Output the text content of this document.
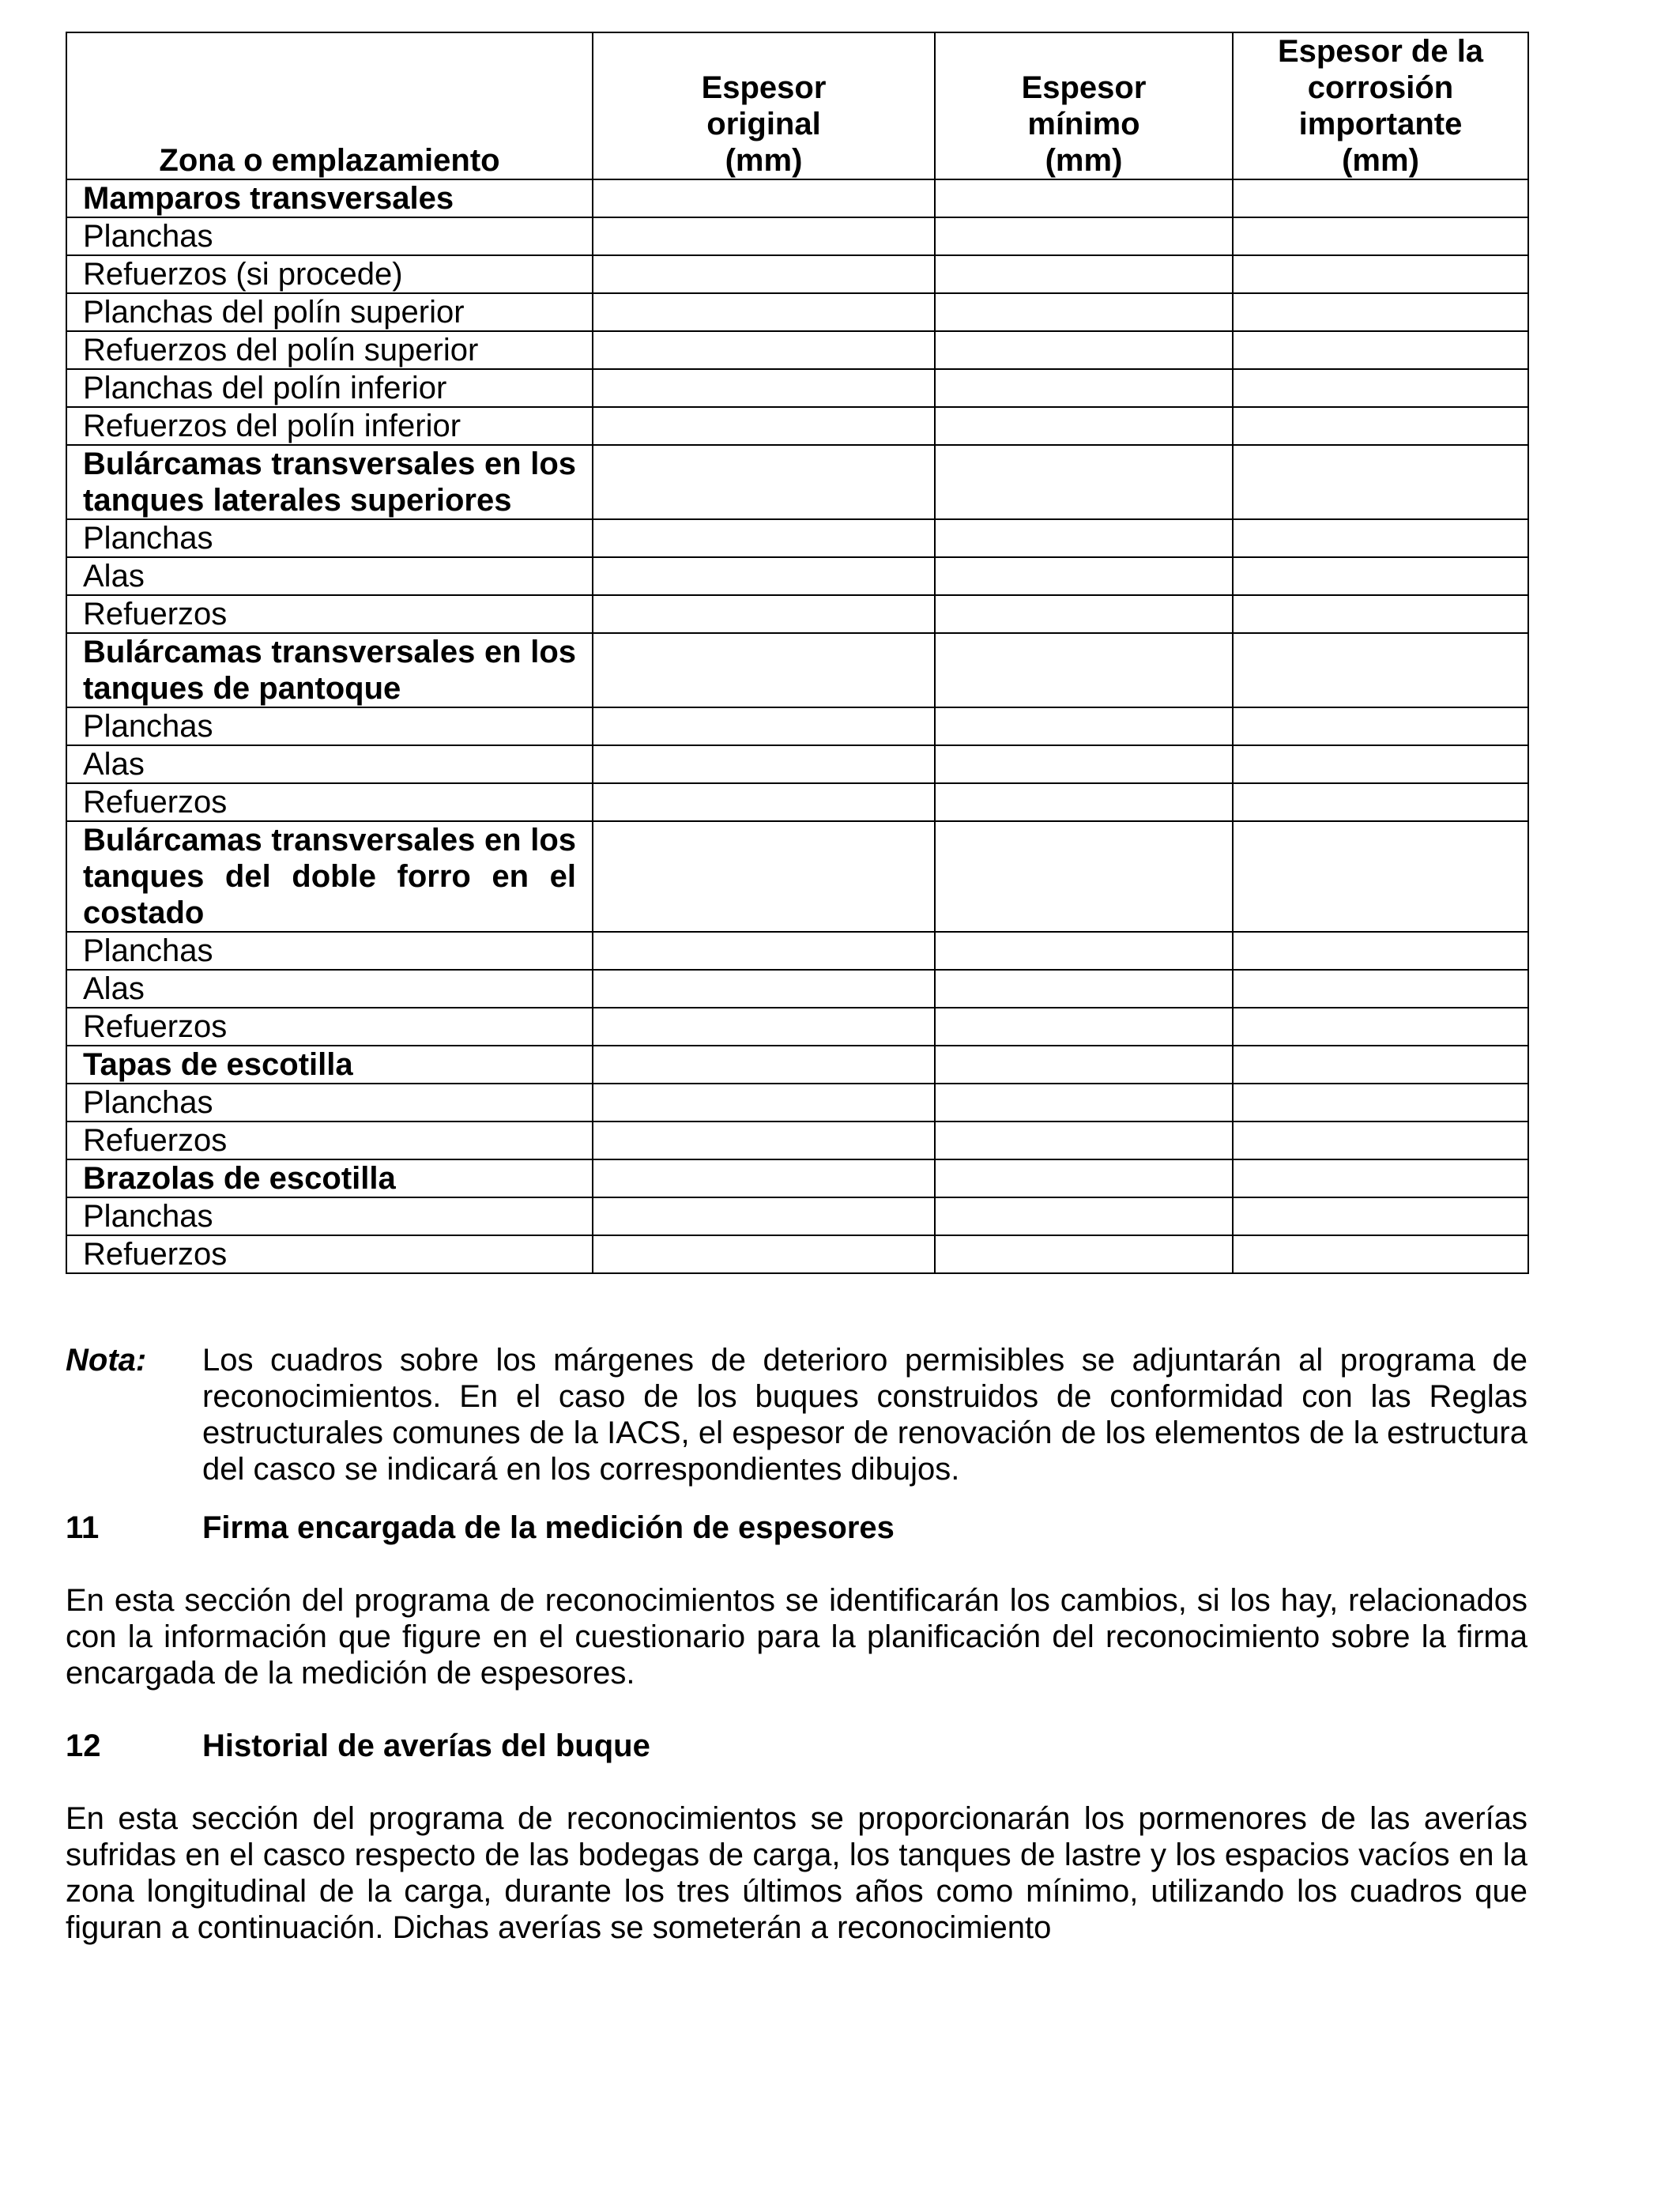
Zona o emplazamiento	Espesor
original
(mm)	Espesor
mínimo
(mm)	Espesor de la
corrosión
importante
(mm)

Mamparos transversales			
Planchas			
Refuerzos (si procede)			
Planchas del polín superior			
Refuerzos del polín superior			
Planchas del polín inferior			
Refuerzos del polín inferior			
Bulárcamas transversales en los tanques laterales superiores			
Planchas			
Alas			
Refuerzos			
Bulárcamas transversales en los tanques de pantoque			
Planchas			
Alas			
Refuerzos			
Bulárcamas transversales en los tanques del doble forro en el costado			
Planchas			
Alas			
Refuerzos			
Tapas de escotilla			
Planchas			
Refuerzos			
Brazolas de escotilla			
Planchas			
Refuerzos			
Nota: Los cuadros sobre los márgenes de deterioro permisibles se adjuntarán al programa de reconocimientos. En el caso de los buques construidos de conformidad con las Reglas estructurales comunes de la IACS, el espesor de renovación de los elementos de la estructura del casco se indicará en los correspondientes dibujos.
11	Firma encargada de la medición de espesores
En esta sección del programa de reconocimientos se identificarán los cambios, si los hay, relacionados con la información que figure en el cuestionario para la planificación del reconocimiento sobre la firma encargada de la medición de espesores.
12	Historial de averías del buque
En esta sección del programa de reconocimientos se proporcionarán los pormenores de las averías sufridas en el casco respecto de las bodegas de carga, los tanques de lastre y los espacios vacíos en la zona longitudinal de la carga, durante los tres últimos años como mínimo, utilizando los cuadros que figuran a continuación. Dichas averías se someterán a reconocimiento
